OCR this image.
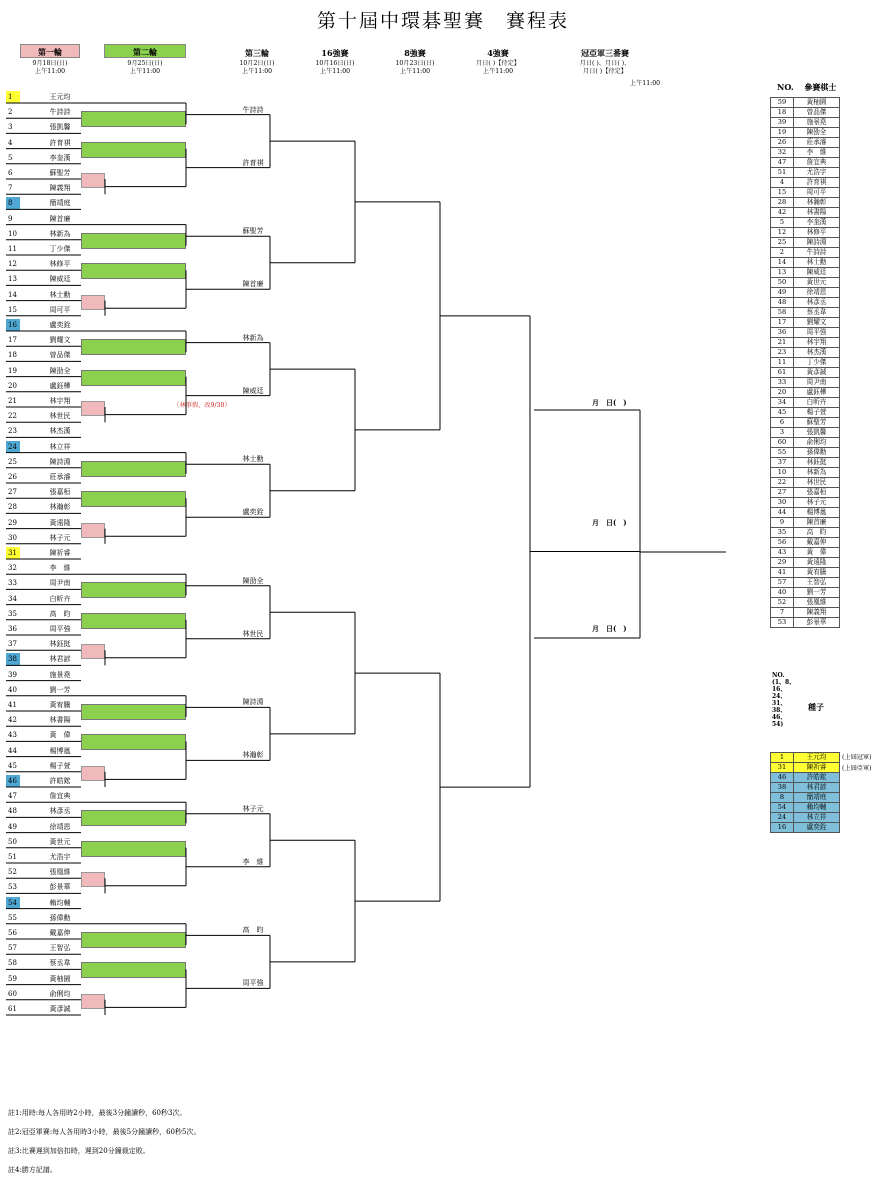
第十屆中環碁聖賽　賽程表
第一輪
9月18日(日)
上午11:00
第二輪
9月25日(日)
上午11:00
第三輪
10月2日(日)
上午11:00
16強賽
10月16日(日)
上午11:00
8強賽
10月23日(日)
上午11:00
4強賽
月日( )【待定】
上午11:00
冠亞軍三番賽
月日( )、月日( )、
月日( )【待定】
上午11:00
1	王元均
2	牛詩詩
3	張凱馨
4	許育祺
5	李奎漢
6	蘇聖芳
7	陳義翔
8	簡靖庭
9	陳首廉
10	林新為
11	丁少傑
12	林修平
13	陳威廷
14	林士勳
15	周可平
16	盧奕銓
17	劉耀文
18	曾品傑
19	陳劭全
20	盧鈺樺
21	林宇翔
22	林世民
23	林杰漢
24	林立祥
25	陳詩淵
26	莊承濬
27	張嘉桓
28	林瀚彰
29	黃遠隆
30	林子元
31	陳祈睿
32	李　維
33	周尹南
34	白昕卉
35	高　昀
36	周平強
37	林鈺挺
38	林君諺
39	施景堯
40	劉一芳
41	黃宥騰
42	林書陽
43	黃　偉
44	楊博嵐
45	楊子萱
46	許皓鋐
47	詹宜典
48	林彥丞
49	徐靖恩
50	黃世元
51	尤浩宇
52	張凰維
53	彭景華
54	賴均輔
55	孫偉勳
56	戴嘉伸
57	王智弘
58	蔡丞韋
59	黃柚園
60	俞俐均
61	黃彥誠
牛詩詩
許育祺
蘇聖芳
陳首廉
林新為
陳威廷
林士勳
盧奕銓
陳劭全
林世民
陳詩淵
林瀚彰
林子元
李　維
高　昀
周平強
（林事假，改9/30）	月　日(　)
月　日(　)
月　日(　)
NO.　 參賽棋士
59	黃柚園
18	曾品傑
39	施景堯
19	陳劭全
26	莊承濬
32	李　維
47	詹宜典
51	尤浩宇
4	許育祺
15	周可平
28	林瀚彰
42	林書陽
5	李奎漢
12	林修平
25	陳詩淵
2	牛詩詩
14	林士勳
13	陳威廷
50	黃世元
49	徐靖恩
48	林彥丞
58	蔡丞韋
17	劉耀文
36	周平強
21	林宇翔
23	林杰漢
11	丁少傑
61	黃彥誠
33	周尹南
20	盧鈺樺
34	白昕卉
45	楊子萱
6	蘇聖芳
3	張凱馨
60	俞俐均
55	孫偉勳
37	林鈺挺
10	林新為
22	林世民
27	張嘉桓
30	林子元
44	楊博嵐
9	陳首廉
35	高　昀
56	戴嘉伸
43	黃　偉
29	黃遠隆
41	黃宥騰
57	王智弘
40	劉一芳
52	張凰維
7	陳義翔
53	彭景華
NO.(1、8、16、24、31、38、46、54)
種子
1	王元均
31	陳祈睿
46	許皓鋐
38	林君諺
8	簡靖庭
54	賴均輔
24	林立祥
16	盧奕銓
註1:用時:每人各用時2小時，最後3分鐘讀秒，60秒3次。
註2:冠亞軍賽:每人各用時3小時，最後5分鐘讀秒，60秒5次。
註3:比賽遲到加倍扣時，遲到20分鐘裁定敗。
註4:勝方記譜。
(上屆冠軍)
(上屆亞軍)
